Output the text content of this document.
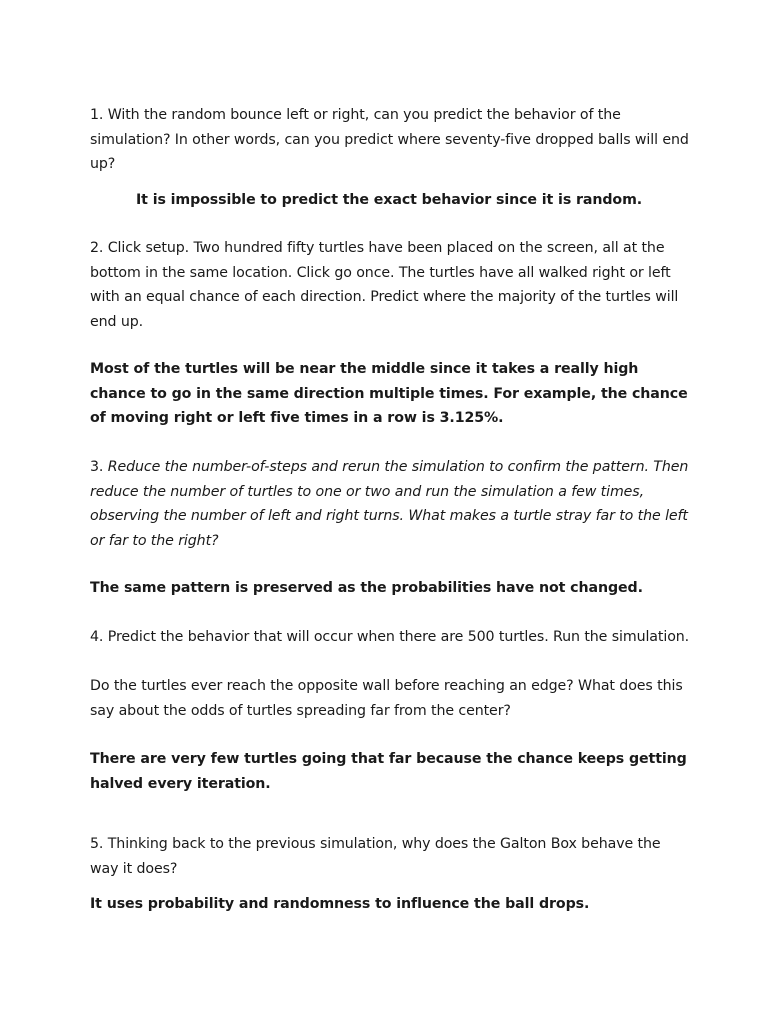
1. With the random bounce left or right, can you predict the behavior of the simulation? In other words, can you predict where seventy-five dropped balls will end up?

It is impossible to predict the exact behavior since it is random.

2. Click setup. Two hundred fifty turtles have been placed on the screen, all at the bottom in the same location. Click go once. The turtles have all walked right or left with an equal chance of each direction. Predict where the majority of the turtles will end up.

Most of the turtles will be near the middle since it takes a really high chance to go in the same direction multiple times. For example, the chance of moving right or left five times in a row is 3.125%.

3. Reduce the number-of-steps and rerun the simulation to confirm the pattern. Then reduce the number of turtles to one or two and run the simulation a few times, observing the number of left and right turns. What makes a turtle stray far to the left or far to the right?

The same pattern is preserved as the probabilities have not changed.

4. Predict the behavior that will occur when there are 500 turtles. Run the simulation.

Do the turtles ever reach the opposite wall before reaching an edge? What does this say about the odds of turtles spreading far from the center?

There are very few turtles going that far because the chance keeps getting halved every iteration.

5. Thinking back to the previous simulation, why does the Galton Box behave the way it does?

It uses probability and randomness to influence the ball drops.
